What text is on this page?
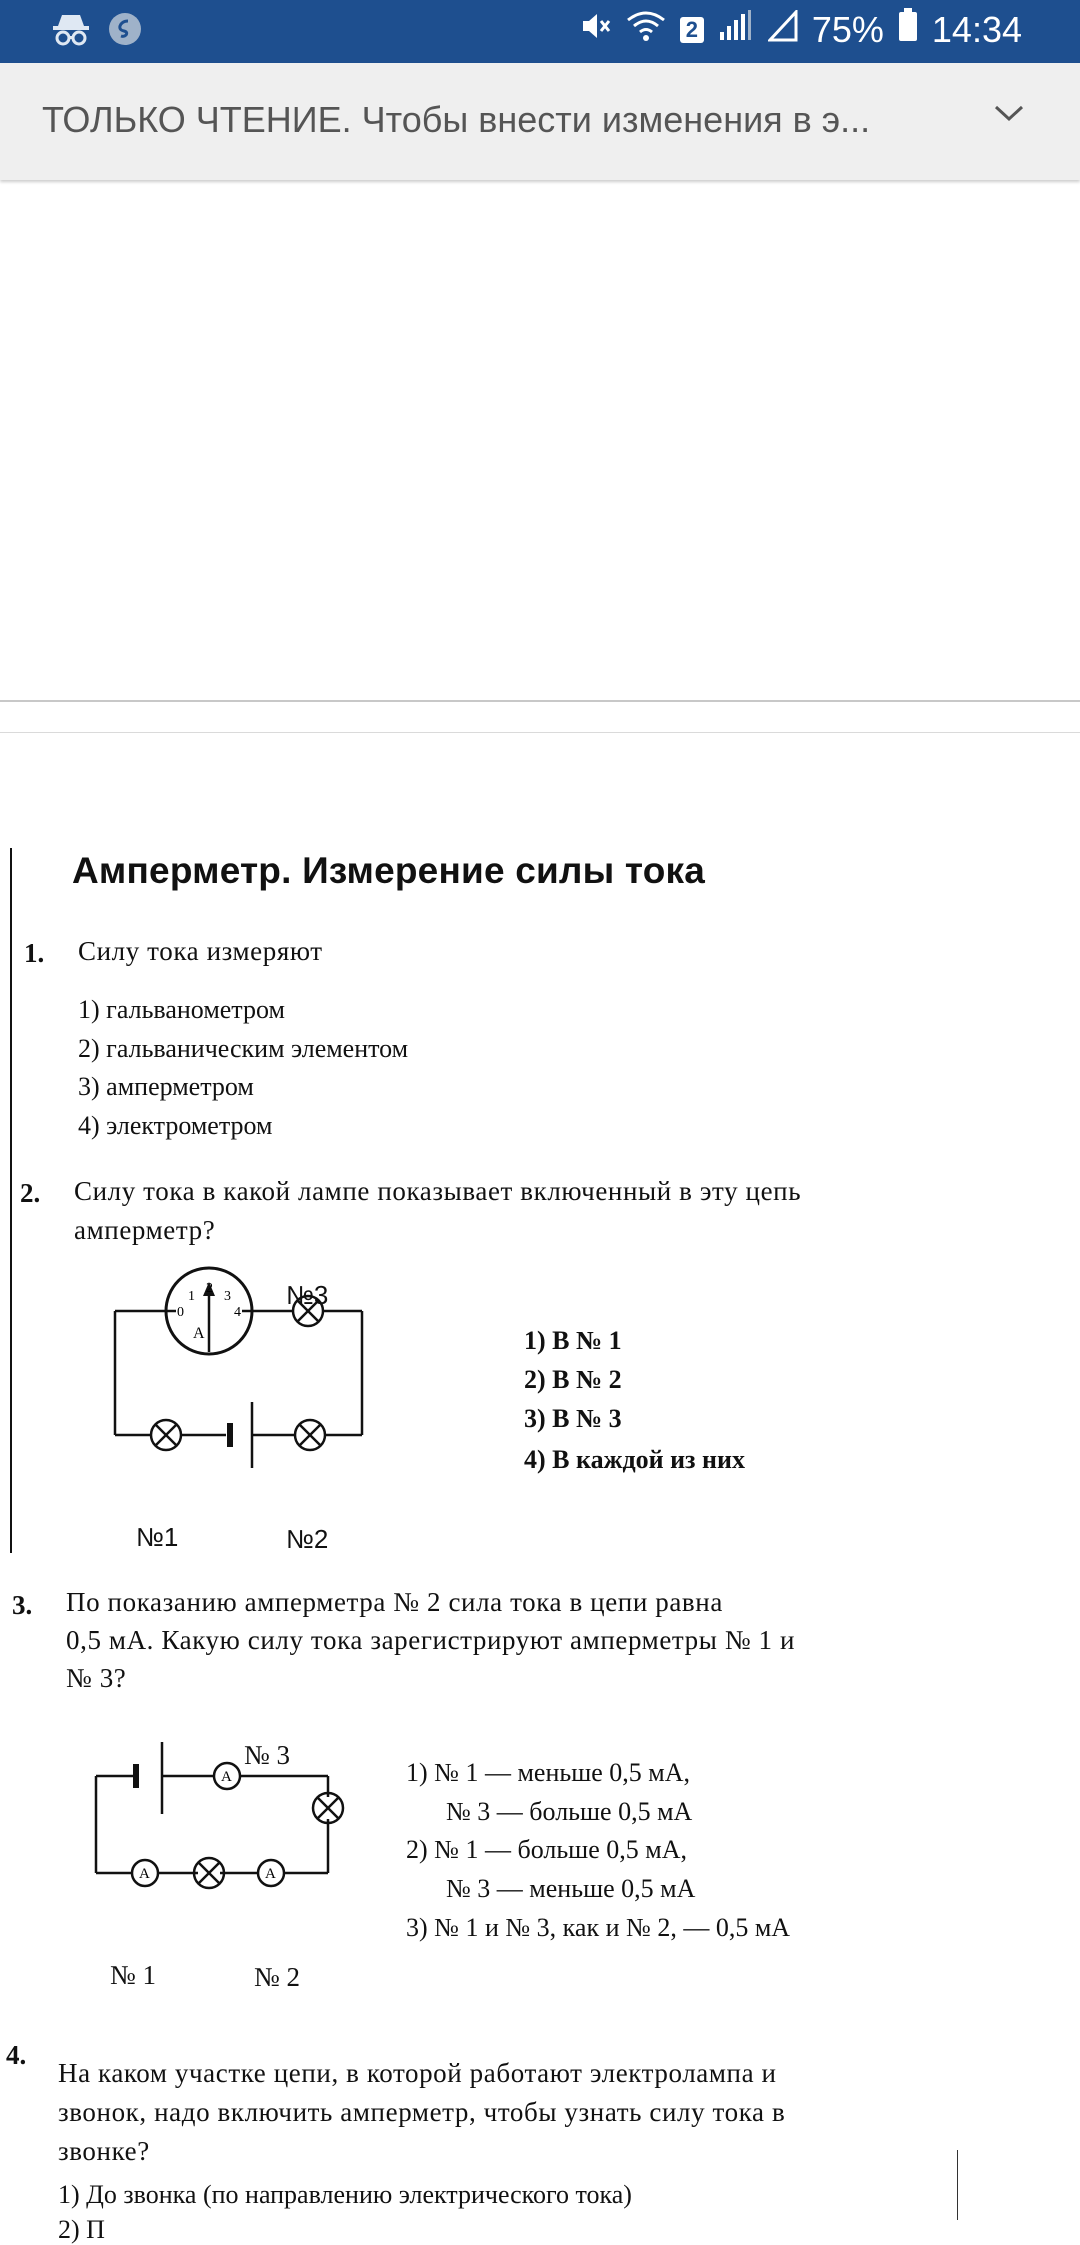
2	75% 14:34
ТОЛЬКО ЧТЕНИЕ. Чтобы внести изменения в э...
Амперметр. Измерение силы тока
1. Силу тока измеряют
1) гальванометром
2) гальваническим элементом
3) амперметром
4) электрометром
2. Силу тока в какой лампе показывает включенный в эту цепь
амперметр?
0
1
2
3
4
A
№3
№1	№2
1) В № 1
2) В № 2
3) В № 3
4) В каждой из них
3. По показанию амперметра № 2 сила тока в цепи равна
0,5 мА. Какую силу тока зарегистрируют амперметры № 1 и
№ 3?
A
A	A
№ 3
№ 1	№ 2
1) № 1 — меньше 0,5 мА,
№ 3 — больше 0,5 мА
2) № 1 — больше 0,5 мА,
№ 3 — меньше 0,5 мА
3) № 1 и № 3, как и № 2, — 0,5 мА
4.
На каком участке цепи, в которой работают электролампа и
звонок, надо включить амперметр, чтобы узнать силу тока в
звонке?
1) До звонка (по направлению электрического тока)
2) П
